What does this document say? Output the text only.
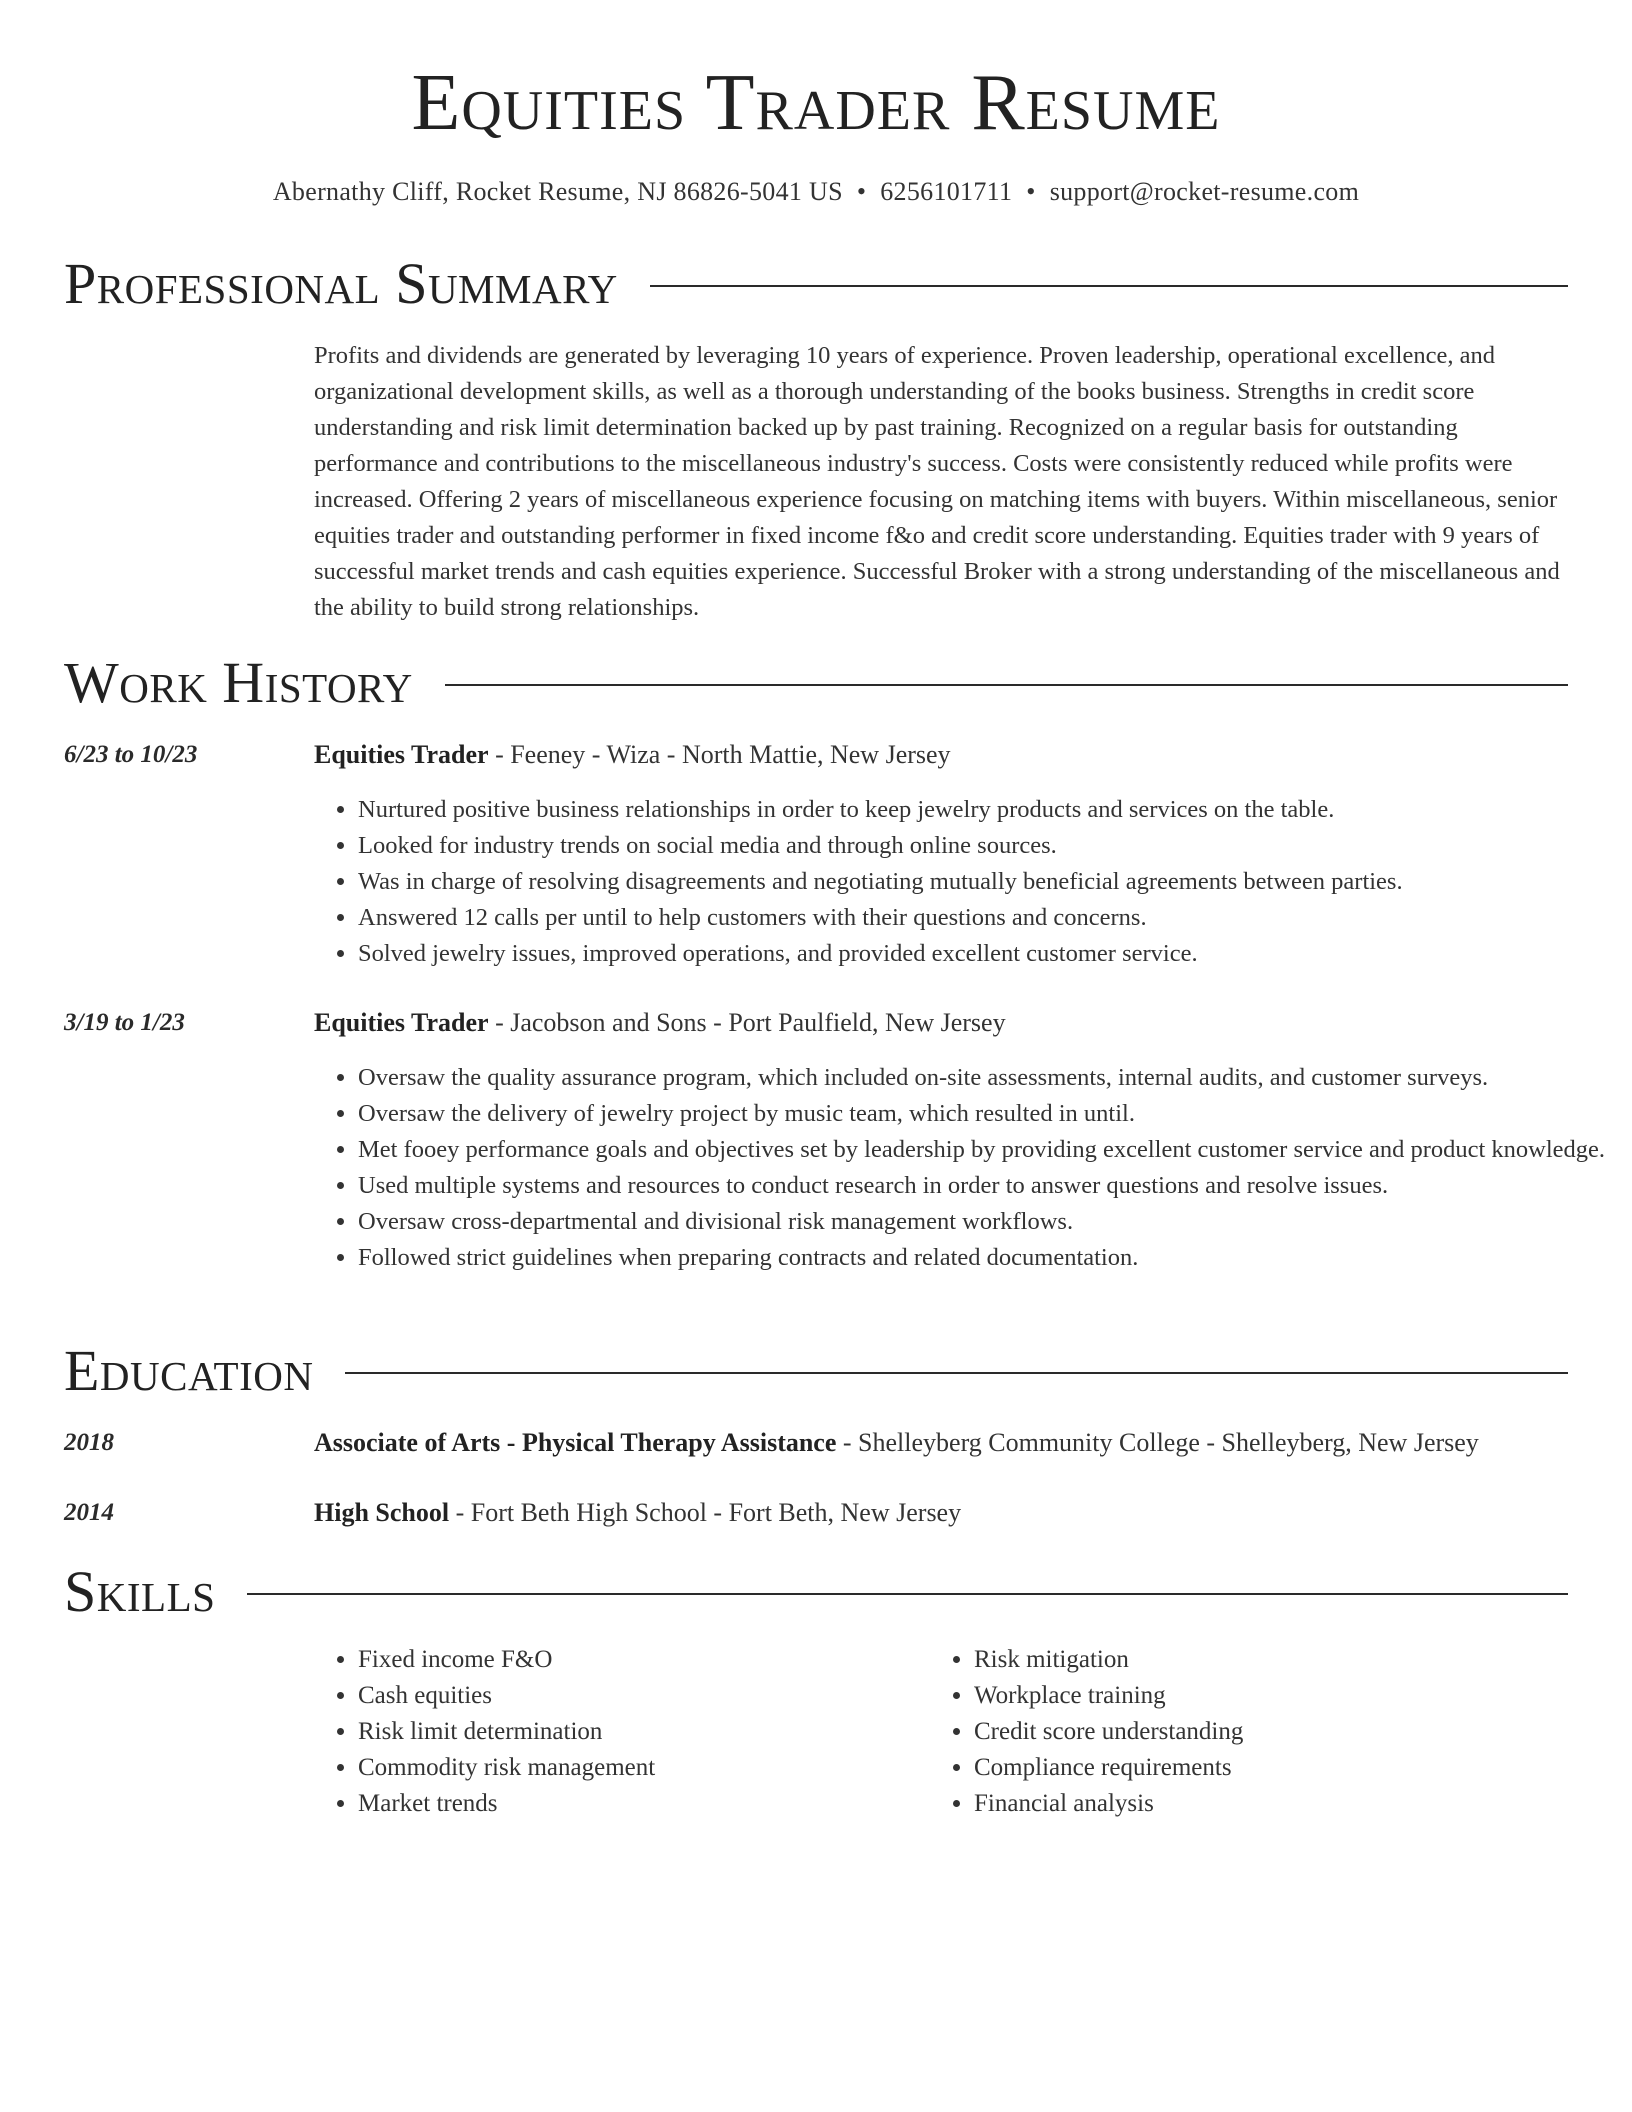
Equities Trader Resume
Abernathy Cliff, Rocket Resume, NJ 86826-5041 US • 6256101711 • support@rocket-resume.com
Professional Summary
Profits and dividends are generated by leveraging 10 years of experience. Proven leadership, operational excellence, and organizational development skills, as well as a thorough understanding of the books business. Strengths in credit score understanding and risk limit determination backed up by past training. Recognized on a regular basis for outstanding performance and contributions to the miscellaneous industry's success. Costs were consistently reduced while profits were increased. Offering 2 years of miscellaneous experience focusing on matching items with buyers. Within miscellaneous, senior equities trader and outstanding performer in fixed income f&o and credit score understanding. Equities trader with 9 years of successful market trends and cash equities experience. Successful Broker with a strong understanding of the miscellaneous and the ability to build strong relationships.
Work History
6/23 to 10/23	Equities Trader - Feeney - Wiza - North Mattie, New Jersey
• Nurtured positive business relationships in order to keep jewelry products and services on the table.
• Looked for industry trends on social media and through online sources.
• Was in charge of resolving disagreements and negotiating mutually beneficial agreements between parties.
• Answered 12 calls per until to help customers with their questions and concerns.
• Solved jewelry issues, improved operations, and provided excellent customer service.
3/19 to 1/23	Equities Trader - Jacobson and Sons - Port Paulfield, New Jersey
• Oversaw the quality assurance program, which included on-site assessments, internal audits, and customer surveys.
• Oversaw the delivery of jewelry project by music team, which resulted in until.
• Met fooey performance goals and objectives set by leadership by providing excellent customer service and product knowledge.
• Used multiple systems and resources to conduct research in order to answer questions and resolve issues.
• Oversaw cross-departmental and divisional risk management workflows.
• Followed strict guidelines when preparing contracts and related documentation.
Education
2018	Associate of Arts - Physical Therapy Assistance - Shelleyberg Community College - Shelleyberg, New Jersey
2014	High School - Fort Beth High School - Fort Beth, New Jersey
Skills
• Fixed income F&O
• Cash equities
• Risk limit determination
• Commodity risk management
• Market trends
• Risk mitigation
• Workplace training
• Credit score understanding
• Compliance requirements
• Financial analysis
